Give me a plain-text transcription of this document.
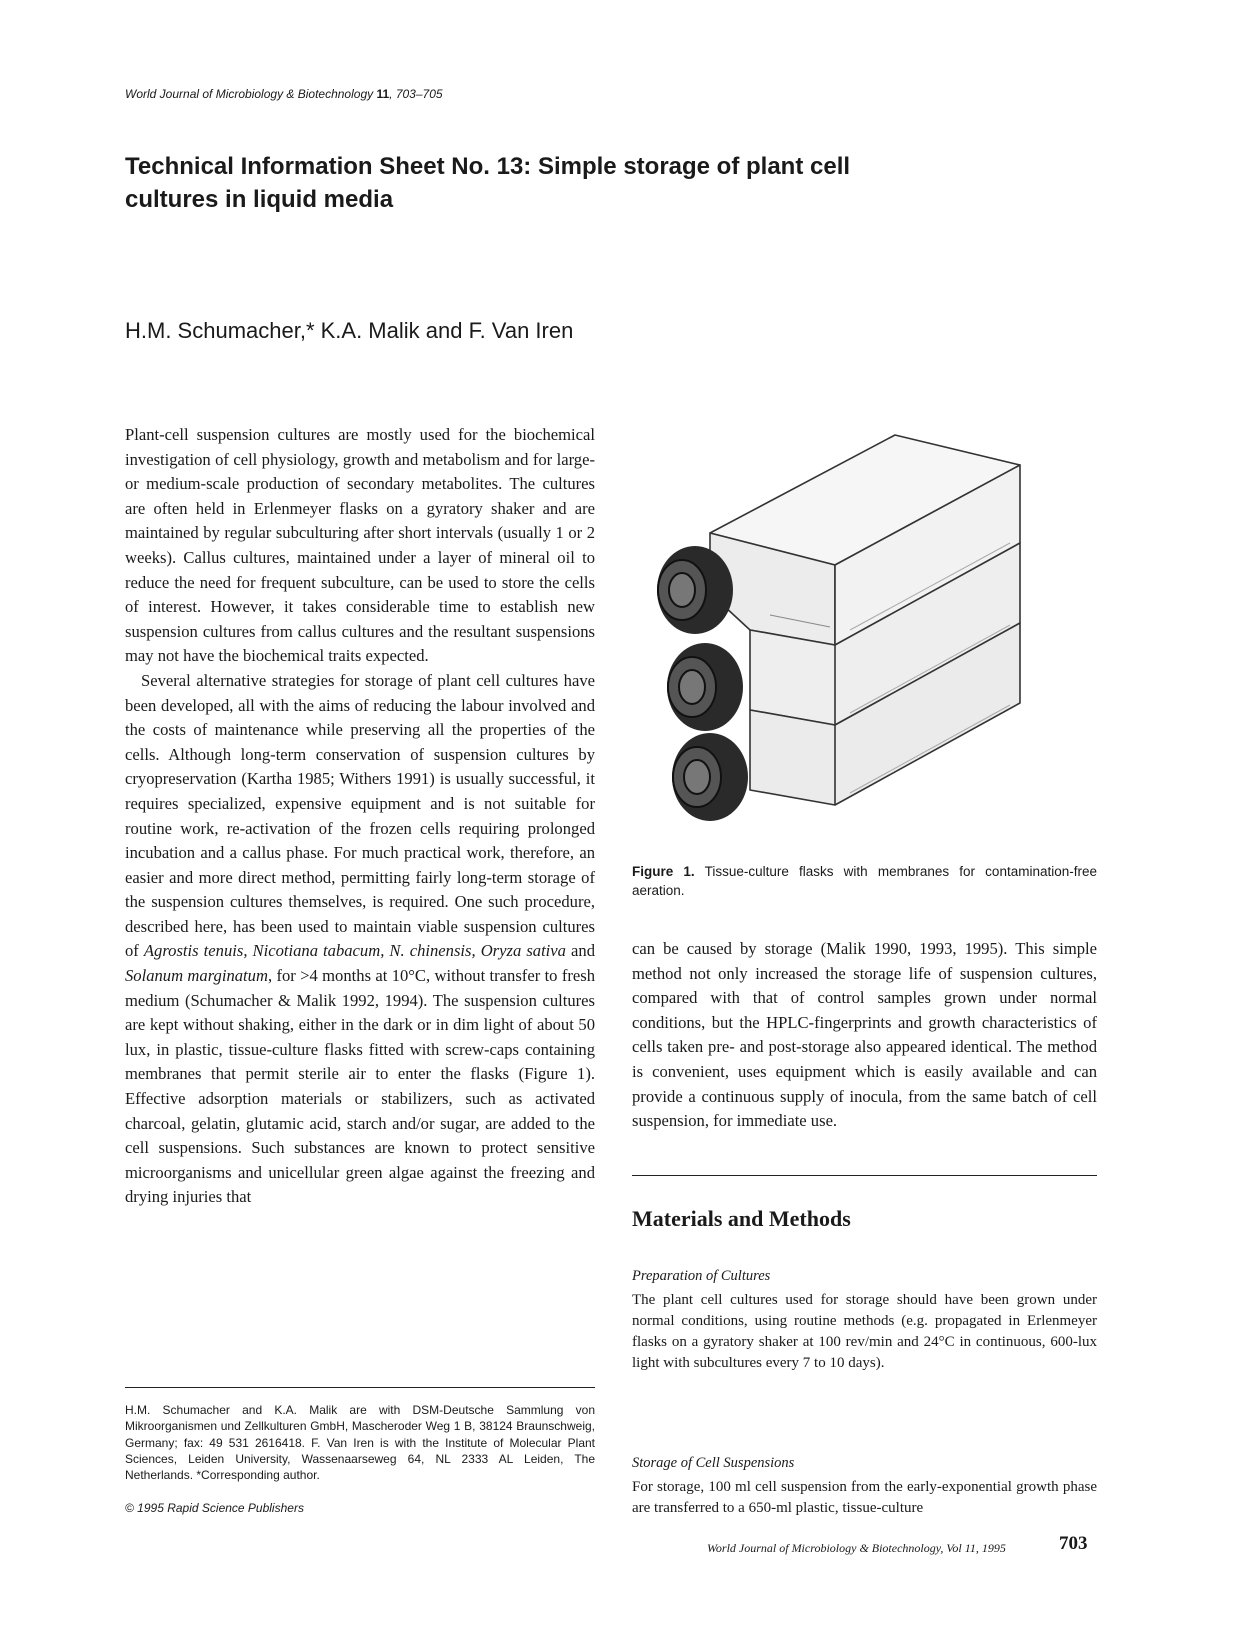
World Journal of Microbiology & Biotechnology 11, 703–705
Technical Information Sheet No. 13: Simple storage of plant cell cultures in liquid media
H.M. Schumacher,* K.A. Malik and F. Van Iren

Plant-cell suspension cultures are mostly used for the biochemical investigation of cell physiology, growth and metabolism and for large- or medium-scale production of secondary metabolites. The cultures are often held in Erlenmeyer flasks on a gyratory shaker and are maintained by regular subculturing after short intervals (usually 1 or 2 weeks). Callus cultures, maintained under a layer of mineral oil to reduce the need for frequent subculture, can be used to store the cells of interest. However, it takes considerable time to establish new suspension cultures from callus cultures and the resultant suspensions may not have the biochemical traits expected.

Several alternative strategies for storage of plant cell cultures have been developed, all with the aims of reducing the labour involved and the costs of maintenance while preserving all the properties of the cells. Although long-term conservation of suspension cultures by cryopreservation (Kartha 1985; Withers 1991) is usually successful, it requires specialized, expensive equipment and is not suitable for routine work, re-activation of the frozen cells requiring prolonged incubation and a callus phase. For much practical work, therefore, an easier and more direct method, permitting fairly long-term storage of the suspension cultures themselves, is required. One such procedure, described here, has been used to maintain viable suspension cultures of Agrostis tenuis, Nicotiana tabacum, N. chinensis, Oryza sativa and Solanum marginatum, for >4 months at 10°C, without transfer to fresh medium (Schumacher & Malik 1992, 1994). The suspension cultures are kept without shaking, either in the dark or in dim light of about 50 lux, in plastic, tissue-culture flasks fitted with screw-caps containing membranes that permit sterile air to enter the flasks (Figure 1). Effective adsorption materials or stabilizers, such as activated charcoal, gelatin, glutamic acid, starch and/or sugar, are added to the cell suspensions. Such substances are known to protect sensitive microorganisms and unicellular green algae against the freezing and drying injuries that

Figure 1. Tissue-culture flasks with membranes for contamination-free aeration.

can be caused by storage (Malik 1990, 1993, 1995). This simple method not only increased the storage life of suspension cultures, compared with that of control samples grown under normal conditions, but the HPLC-fingerprints and growth characteristics of cells taken pre- and post-storage also appeared identical. The method is convenient, uses equipment which is easily available and can provide a continuous supply of inocula, from the same batch of cell suspension, for immediate use.

Materials and Methods
Preparation of Cultures
The plant cell cultures used for storage should have been grown under normal conditions, using routine methods (e.g. propagated in Erlenmeyer flasks on a gyratory shaker at 100 rev/min and 24°C in continuous, 600-lux light with subcultures every 7 to 10 days).
Storage of Cell Suspensions
For storage, 100 ml cell suspension from the early-exponential growth phase are transferred to a 650-ml plastic, tissue-culture
H.M. Schumacher and K.A. Malik are with DSM-Deutsche Sammlung von Mikroorganismen und Zellkulturen GmbH, Mascheroder Weg 1 B, 38124 Braunschweig, Germany; fax: 49 531 2616418. F. Van Iren is with the Institute of Molecular Plant Sciences, Leiden University, Wassenaarseweg 64, NL 2333 AL Leiden, The Netherlands. *Corresponding author.
© 1995 Rapid Science Publishers
World Journal of Microbiology & Biotechnology, Vol 11, 1995	703
